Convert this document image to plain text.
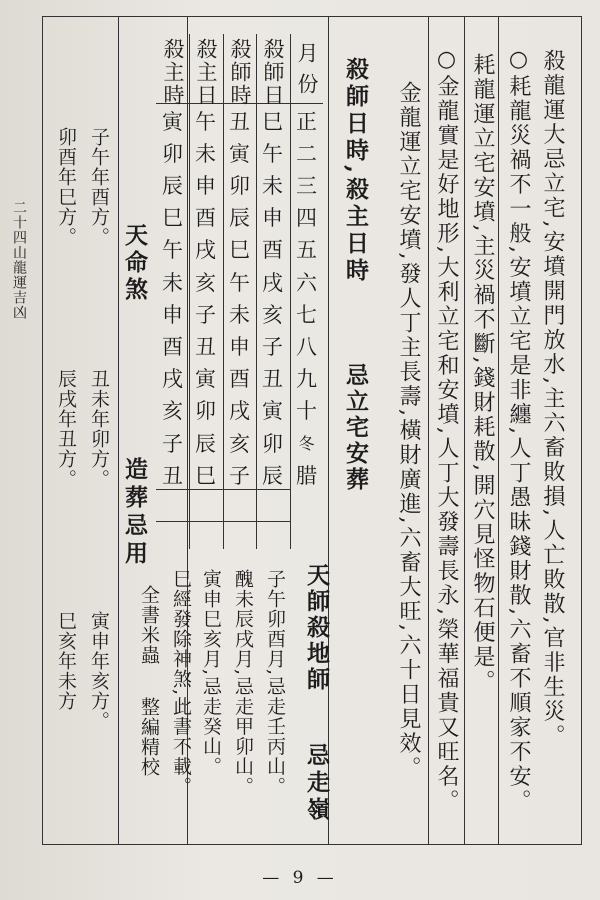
二十四山龍運吉凶	殺龍運大忌立宅,安墳開門放水,主六畜敗損,人亡敗散,官非生災。
○耗龍災禍不一般,安墳立宅是非纏,人丁愚昧錢財散,六畜不順家不安。
耗龍運立宅安墳,主災禍不斷,錢財耗散,開穴見怪物石便是。
○金龍實是好地形,大利立宅和安墳,人丁大發壽長永,榮華福貴又旺名。
金龍運立宅安墳,發人丁主長壽,橫財廣進,六畜大旺,六十日見效。
殺師日時,殺主日時
忌立宅安葬
天師殺地師
忌走嶺
月份
殺師日
殺師時
殺主日
殺主時
正
二
三
四
五
六
七
八
九
十
冬
腊
巳
午
未
申
酉
戌
亥
子
丑
寅
卯
辰
丑
寅
卯
辰
巳
午
未
申
酉
戌
亥
子
午
未
申
酉
戌
亥
子
丑
寅
卯
辰
巳
寅
卯
辰
巳
午
未
申
酉
戌
亥
子
丑
子午卯酉月,忌走壬丙山。
醜未辰戌月,忌走甲卯山。
寅申巳亥月,忌走癸山。
巳經發除神煞,此書不載。
全書米蟲
整編精校
天命煞
造葬忌用
子午年酉方。
丑未年卯方。
寅申年亥方。
卯酉年巳方。
辰戌年丑方。
巳亥年未方
— 9 —
